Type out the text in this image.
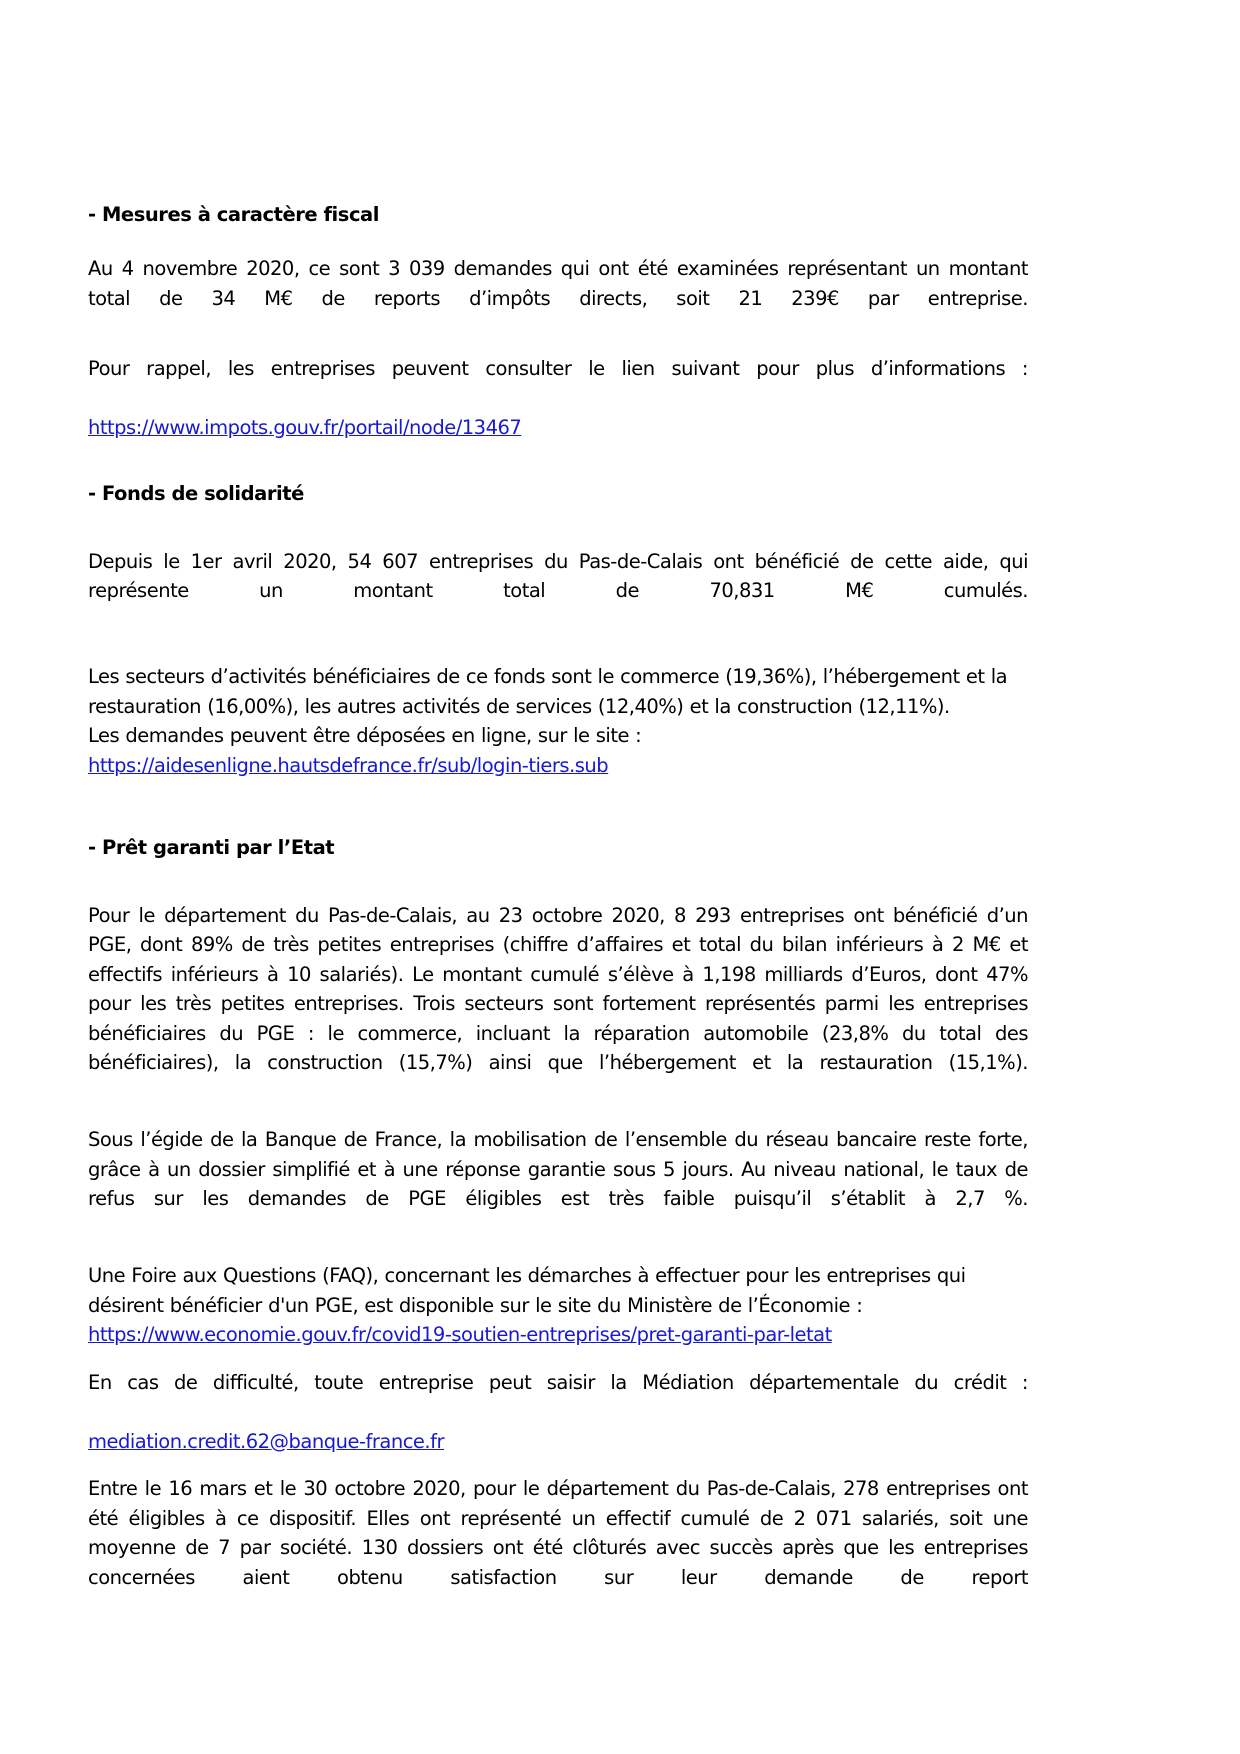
- Mesures à caractère fiscal

Au 4 novembre 2020, ce sont 3 039 demandes qui ont été examinées représentant un montant total de 34 M€ de reports d’impôts directs, soit 21 239€ par entreprise.

Pour rappel, les entreprises peuvent consulter le lien suivant pour plus d’informations :

https://www.impots.gouv.fr/portail/node/13467

- Fonds de solidarité

Depuis le 1er avril 2020, 54 607 entreprises du Pas-de-Calais ont bénéficié de cette aide, qui représente un montant total de 70,831 M€ cumulés.

Les secteurs d’activités bénéficiaires de ce fonds sont le commerce (19,36%), l’hébergement et la restauration (16,00%), les autres activités de services (12,40%) et la construction (12,11%).

Les demandes peuvent être déposées en ligne, sur le site :

https://aidesenligne.hautsdefrance.fr/sub/login-tiers.sub

- Prêt garanti par l’Etat

Pour le département du Pas-de-Calais, au 23 octobre 2020, 8 293 entreprises ont bénéficié d’un PGE, dont 89% de très petites entreprises (chiffre d’affaires et total du bilan inférieurs à 2 M€ et effectifs inférieurs à 10 salariés). Le montant cumulé s’élève à 1,198 milliards d’Euros, dont 47% pour les très petites entreprises. Trois secteurs sont fortement représentés parmi les entreprises bénéficiaires du PGE : le commerce, incluant la réparation automobile (23,8% du total des bénéficiaires), la construction (15,7%) ainsi que l’hébergement et la restauration (15,1%).

Sous l’égide de la Banque de France, la mobilisation de l’ensemble du réseau bancaire reste forte, grâce à un dossier simplifié et à une réponse garantie sous 5 jours. Au niveau national, le taux de refus sur les demandes de PGE éligibles est très faible puisqu’il s’établit à 2,7 %.

Une Foire aux Questions (FAQ), concernant les démarches à effectuer pour les entreprises qui désirent bénéficier d'un PGE, est disponible sur le site du Ministère de l’Économie :

https://www.economie.gouv.fr/covid19-soutien-entreprises/pret-garanti-par-letat

En cas de difficulté, toute entreprise peut saisir la Médiation départementale du crédit :

mediation.credit.62@banque-france.fr

Entre le 16 mars et le 30 octobre 2020, pour le département du Pas-de-Calais, 278 entreprises ont été éligibles à ce dispositif. Elles ont représenté un effectif cumulé de 2 071 salariés, soit une moyenne de 7 par société. 130 dossiers ont été clôturés avec succès après que les entreprises concernées aient obtenu satisfaction sur leur demande de report
